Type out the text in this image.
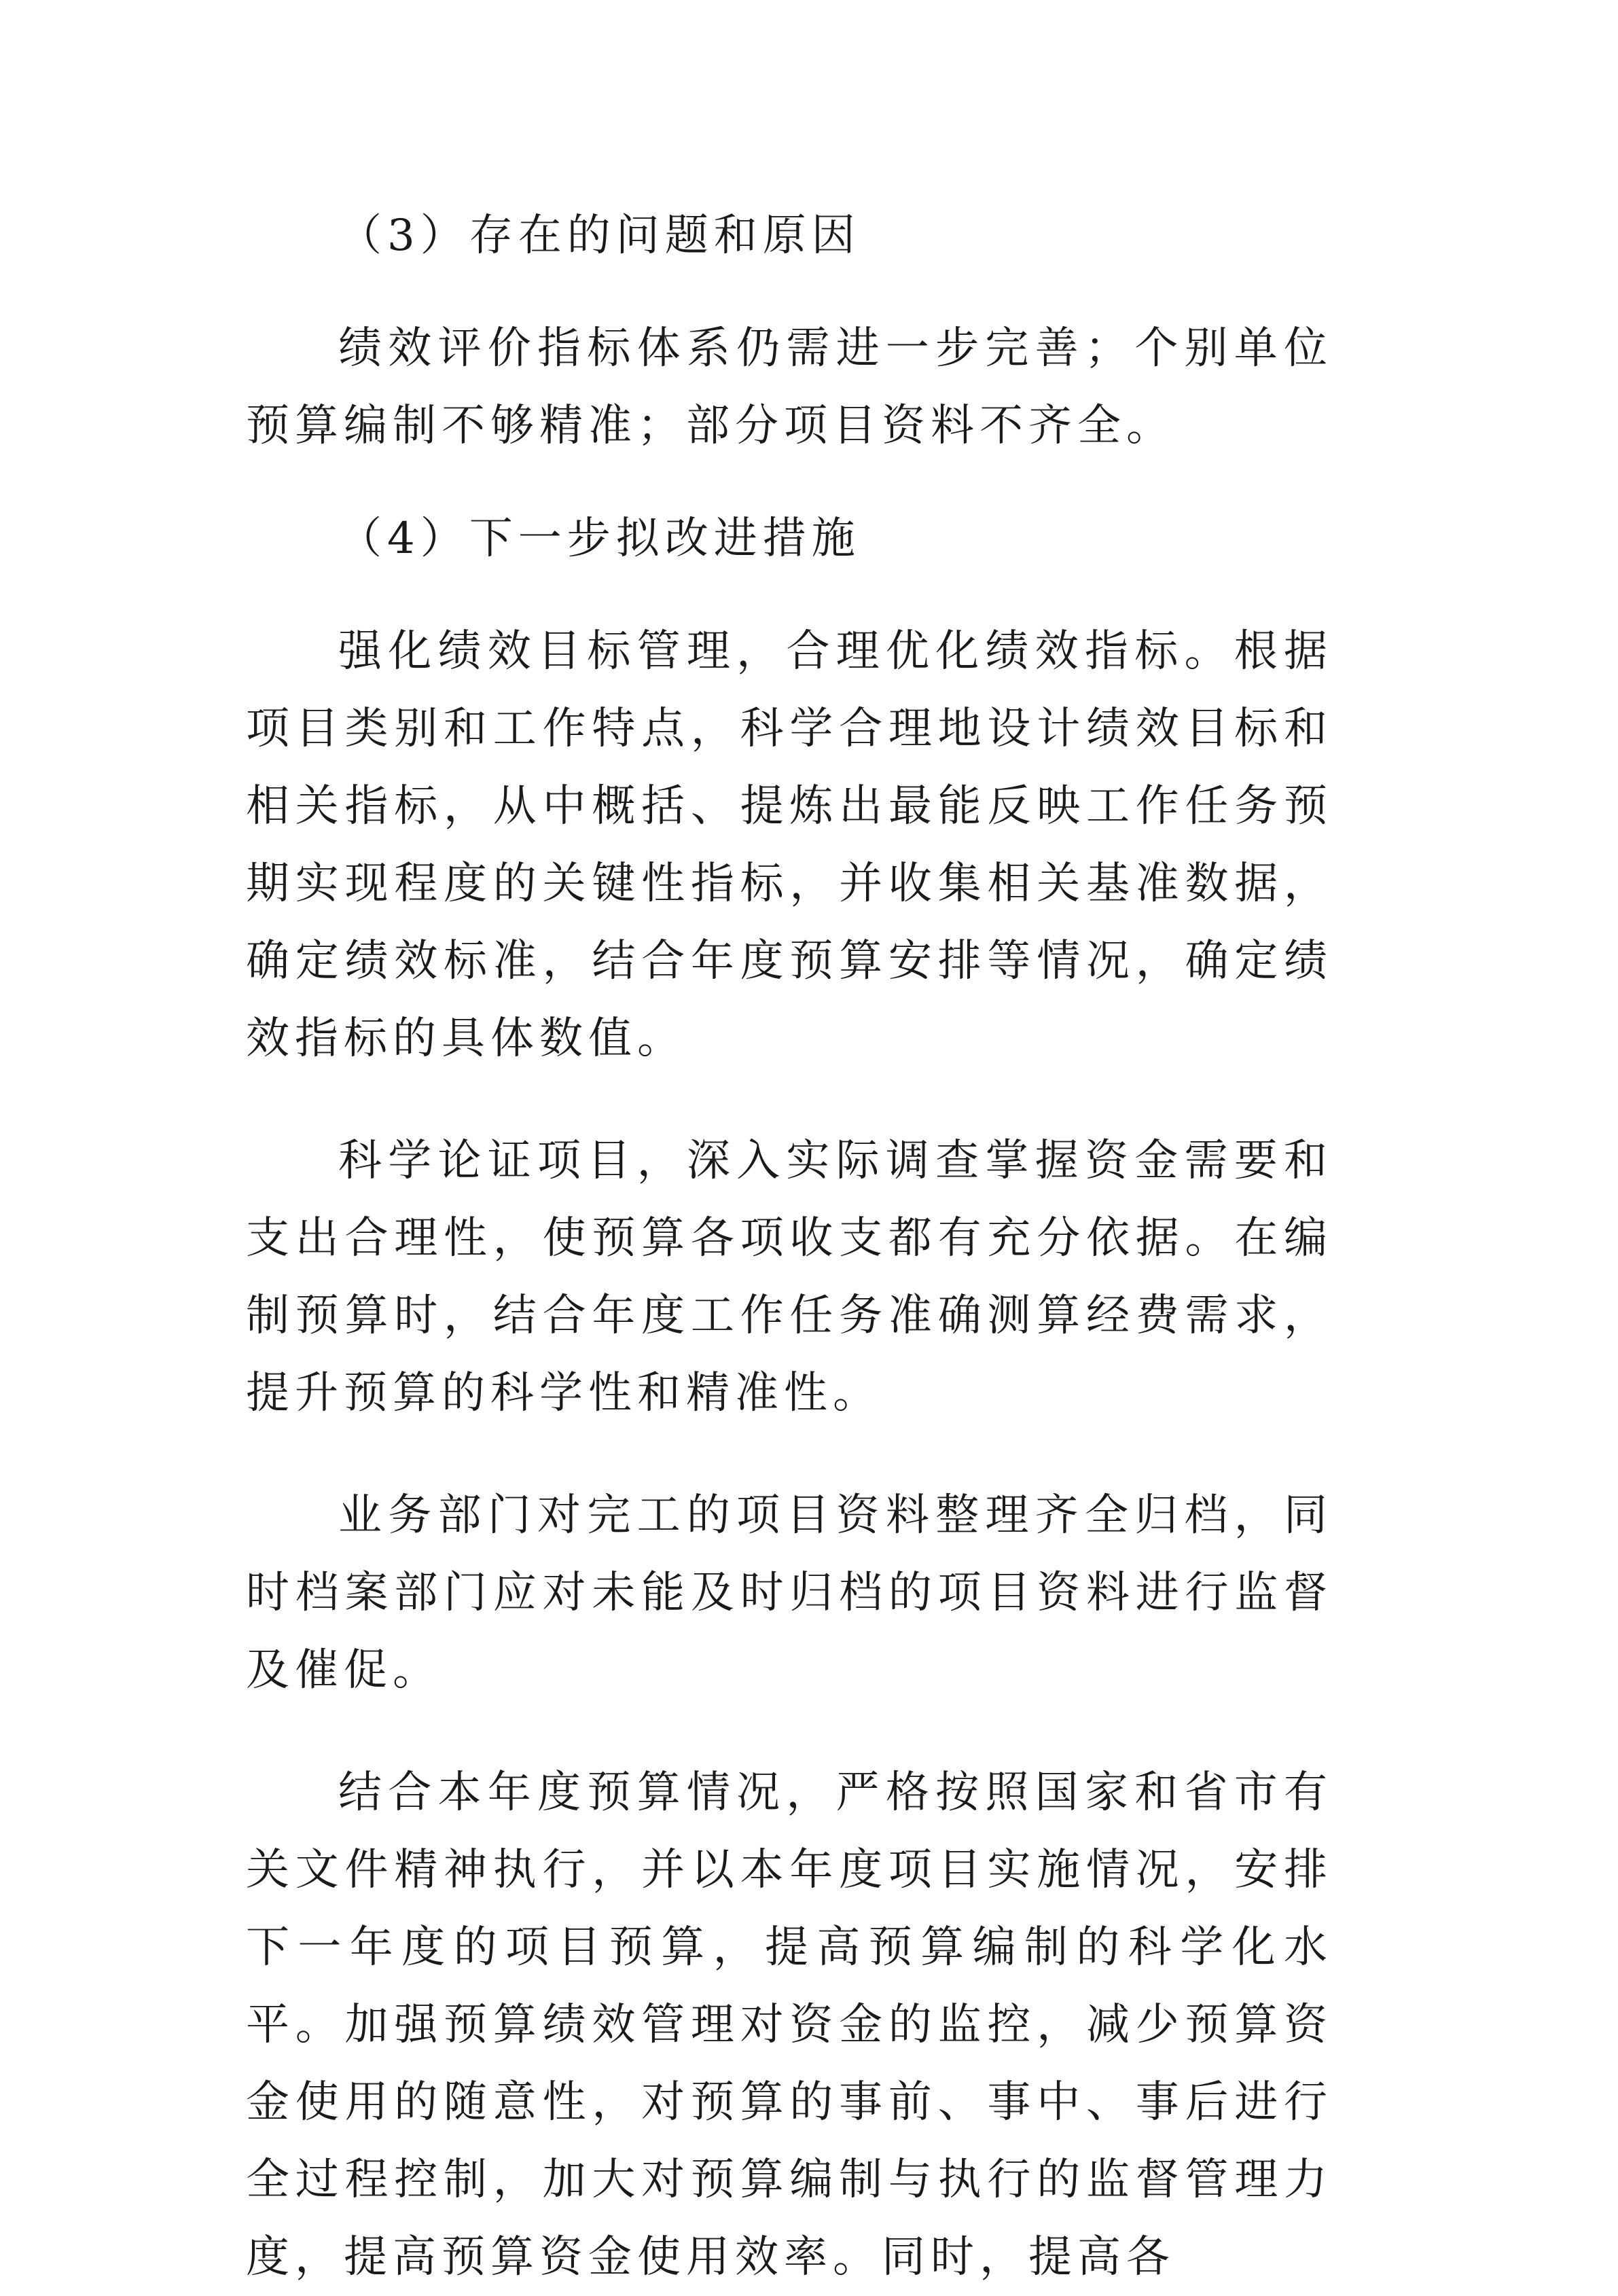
（3）存在的问题和原因

绩效评价指标体系仍需进一步完善；个别单位预算编制不够精准；部分项目资料不齐全。

（4）下一步拟改进措施

强化绩效目标管理，合理优化绩效指标。根据项目类别和工作特点，科学合理地设计绩效目标和相关指标，从中概括、提炼出最能反映工作任务预期实现程度的关键性指标，并收集相关基准数据，确定绩效标准，结合年度预算安排等情况，确定绩效指标的具体数值。

科学论证项目，深入实际调查掌握资金需要和支出合理性，使预算各项收支都有充分依据。在编制预算时，结合年度工作任务准确测算经费需求，提升预算的科学性和精准性。

业务部门对完工的项目资料整理齐全归档，同时档案部门应对未能及时归档的项目资料进行监督及催促。

结合本年度预算情况，严格按照国家和省市有关文件精神执行，并以本年度项目实施情况，安排下一年度的项目预算，提高预算编制的科学化水平。加强预算绩效管理对资金的监控，减少预算资金使用的随意性，对预算的事前、事中、事后进行全过程控制，加大对预算编制与执行的监督管理力度，提高预算资金使用效率。同时，提高各
